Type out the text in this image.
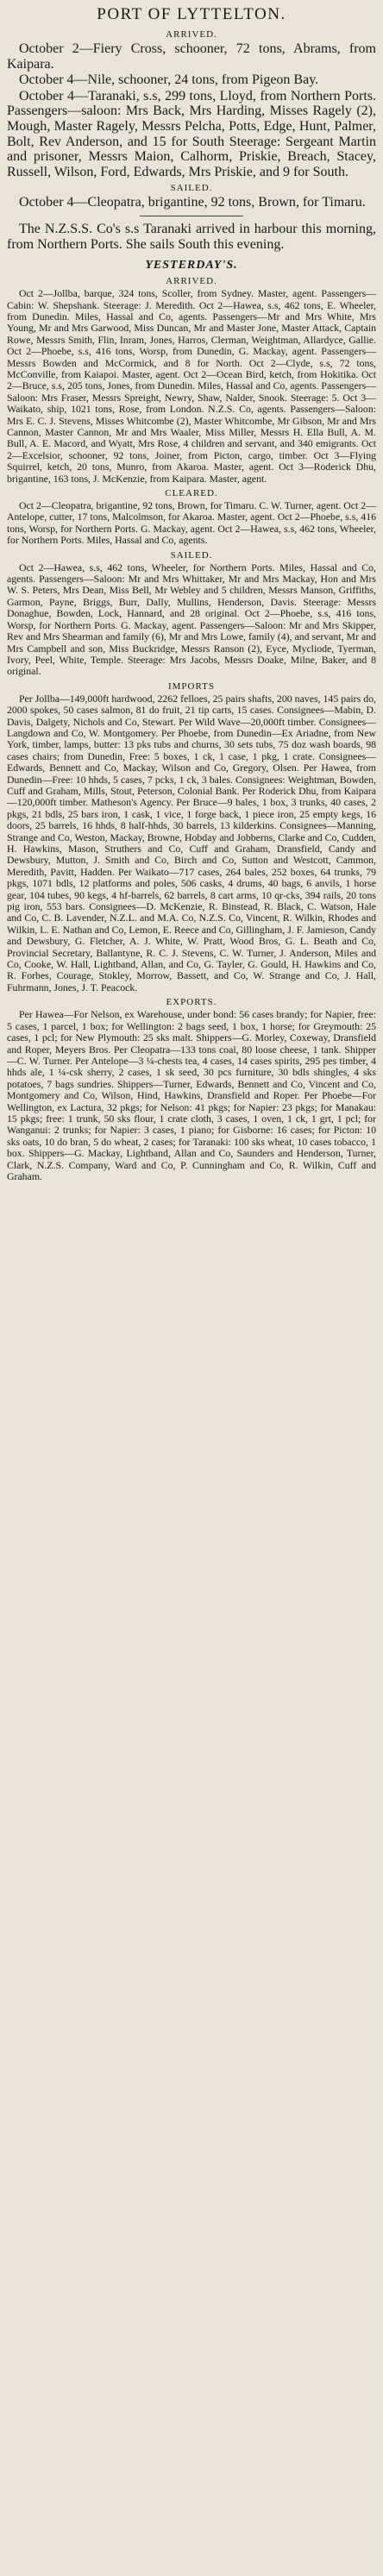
PORT OF LYTTELTON.
ARRIVED.

October 2—Fiery Cross, schooner, 72 tons, Abrams, from Kaipara.

October 4—Nile, schooner, 24 tons, from Pigeon Bay.

October 4—Taranaki, s.s, 299 tons, Lloyd, from Northern Ports. Passengers—saloon: Mrs Back, Mrs Harding, Misses Ragely (2), Mough, Master Ragely, Messrs Pelcha, Potts, Edge, Hunt, Palmer, Bolt, Rev Anderson, and 15 for South Steerage: Sergeant Martin and prisoner, Messrs Maion, Calhorm, Priskie, Breach, Stacey, Russell, Wilson, Ford, Edwards, Mrs Priskie, and 9 for South.

SAILED.

October 4—Cleopatra, brigantine, 92 tons, Brown, for Timaru.

The N.Z.S.S. Co's s.s Taranaki arrived in harbour this morning, from Northern Ports. She sails South this evening.

YESTERDAY'S.
ARRIVED.

Oct 2—Jollba, barque, 324 tons, Scoller, from Sydney. Master, agent. Passengers—Cabin: W. Shepshank. Steerage: J. Meredith. Oct 2—Hawea, s.s, 462 tons, E. Wheeler, from Dunedin. Miles, Hassal and Co, agents. Passengers—Mr and Mrs White, Mrs Young, Mr and Mrs Garwood, Miss Duncan, Mr and Master Jone, Master Attack, Captain Rowe, Messrs Smith, Flin, Inram, Jones, Harros, Clerman, Weightman, Allardyce, Gallie. Oct 2—Phoebe, s.s, 416 tons, Worsp, from Dunedin, G. Mackay, agent. Passengers—Messrs Bowden and McCormick, and 8 for North. Oct 2—Clyde, s.s, 72 tons, McConville, from Kaiapoi. Master, agent. Oct 2—Ocean Bird, ketch, from Hokitika. Oct 2—Bruce, s.s, 205 tons, Jones, from Dunedin. Miles, Hassal and Co, agents. Passengers—Saloon: Mrs Fraser, Messrs Spreight, Newry, Shaw, Nalder, Snook. Steerage: 5. Oct 3—Waikato, ship, 1021 tons, Rose, from London. N.Z.S. Co, agents. Passengers—Saloon: Mrs E. C. J. Stevens, Misses Whitcombe (2), Master Whitcombe, Mr Gibson, Mr and Mrs Cannon, Master Cannon, Mr and Mrs Waaler, Miss Miller, Messrs H. Ella Bull, A. M. Bull, A. E. Macord, and Wyatt, Mrs Rose, 4 children and servant, and 340 emigrants. Oct 2—Excelsior, schooner, 92 tons, Joiner, from Picton, cargo, timber. Oct 3—Flying Squirrel, ketch, 20 tons, Munro, from Akaroa. Master, agent. Oct 3—Roderick Dhu, brigantine, 163 tons, J. McKenzie, from Kaipara. Master, agent.

CLEARED.

Oct 2—Cleopatra, brigantine, 92 tons, Brown, for Timaru. C. W. Turner, agent. Oct 2—Antelope, cutter, 17 tons, Malcolmson, for Akaroa. Master, agent. Oct 2—Phoebe, s.s, 416 tons, Worsp, for Northern Ports. G. Mackay, agent. Oct 2—Hawea, s.s, 462 tons, Wheeler, for Northern Ports. Miles, Hassal and Co, agents.

SAILED.

Oct 2—Hawea, s.s, 462 tons, Wheeler, for Northern Ports. Miles, Hassal and Co, agents. Passengers—Saloon: Mr and Mrs Whittaker, Mr and Mrs Mackay, Hon and Mrs W. S. Peters, Mrs Dean, Miss Bell, Mr Webley and 5 children, Messrs Manson, Griffiths, Garmon, Payne, Briggs, Burr, Dally, Mullins, Henderson, Davis. Steerage: Messrs Donaghue, Bowden, Lock, Hannard, and 28 original. Oct 2—Phoebe, s.s, 416 tons, Worsp, for Northern Ports. G. Mackay, agent. Passengers—Saloon: Mr and Mrs Skipper, Rev and Mrs Shearman and family (6), Mr and Mrs Lowe, family (4), and servant, Mr and Mrs Campbell and son, Miss Buckridge, Messrs Ranson (2), Eyce, Mycliode, Tyerman, Ivory, Peel, White, Temple. Steerage: Mrs Jacobs, Messrs Doake, Milne, Baker, and 8 original.

IMPORTS

Per Jollba—149,000ft hardwood, 2262 felloes, 25 pairs shafts, 200 naves, 145 pairs do, 2000 spokes, 50 cases salmon, 81 do fruit, 21 tip carts, 15 cases. Consignees—Mabin, D. Davis, Dalgety, Nichols and Co, Stewart. Per Wild Wave—20,000ft timber. Consignees—Langdown and Co, W. Montgomery. Per Phoebe, from Dunedin—Ex Ariadne, from New York, timber, lamps, butter: 13 pks tubs and churns, 30 sets tubs, 75 doz wash boards, 98 cases chairs; from Dunedin, Free: 5 boxes, 1 ck, 1 case, 1 pkg, 1 crate. Consignees—Edwards, Bennett and Co, Mackay, Wilson and Co, Gregory, Olsen. Per Hawea, from Dunedin—Free: 10 hhds, 5 cases, 7 pcks, 1 ck, 3 bales. Consignees: Weightman, Bowden, Cuff and Graham, Mills, Stout, Peterson, Colonial Bank. Per Roderick Dhu, from Kaipara—120,000ft timber. Matheson's Agency. Per Bruce—9 bales, 1 box, 3 trunks, 40 cases, 2 pkgs, 21 bdls, 25 bars iron, 1 cask, 1 vice, 1 forge back, 1 piece iron, 25 empty kegs, 16 doors, 25 barrels, 16 hhds, 8 half-hhds, 30 barrels, 13 kilderkins. Consignees—Manning, Strange and Co, Weston, Mackay, Browne, Hobday and Jobberns, Clarke and Co, Cudden, H. Hawkins, Mason, Struthers and Co, Cuff and Graham, Dransfield, Candy and Dewsbury, Mutton, J. Smith and Co, Birch and Co, Sutton and Westcott, Cammon, Meredith, Pavitt, Hadden. Per Waikato—717 cases, 264 bales, 252 boxes, 64 trunks, 79 pkgs, 1071 bdls, 12 platforms and poles, 506 casks, 4 drums, 40 bags, 6 anvils, 1 horse gear, 104 tubes, 90 kegs, 4 hf-barrels, 62 barrels, 8 cart arms, 10 qr-cks, 394 rails, 20 tons pig iron, 553 bars. Consignees—D. McKenzie, R. Binstead, R. Black, C. Watson, Hale and Co, C. B. Lavender, N.Z.L. and M.A. Co, N.Z.S. Co, Vincent, R. Wilkin, Rhodes and Wilkin, L. E. Nathan and Co, Lemon, E. Reece and Co, Gillingham, J. F. Jamieson, Candy and Dewsbury, G. Fletcher, A. J. White, W. Pratt, Wood Bros, G. L. Beath and Co, Provincial Secretary, Ballantyne, R. C. J. Stevens, C. W. Turner, J. Anderson, Miles and Co, Cooke, W. Hall, Lightband, Allan, and Co, G. Tayler, G. Gould, H. Hawkins and Co, R. Forbes, Courage, Stokley, Morrow, Bassett, and Co, W. Strange and Co, J. Hall, Fuhrmann, Jones, J. T. Peacock.

EXPORTS.

Per Hawea—For Nelson, ex Warehouse, under bond: 56 cases brandy; for Napier, free: 5 cases, 1 parcel, 1 box; for Wellington: 2 bags seed, 1 box, 1 horse; for Greymouth: 25 cases, 1 pcl; for New Plymouth: 25 sks malt. Shippers—G. Morley, Coxeway, Dransfield and Roper, Meyers Bros. Per Cleopatra—133 tons coal, 80 loose cheese, 1 tank. Shipper—C. W. Turner. Per Antelope—3 ¼-chests tea, 4 cases, 14 cases spirits, 295 pes timber, 4 hhds ale, 1 ¼-csk sherry, 2 cases, 1 sk seed, 30 pcs furniture, 30 bdls shingles, 4 sks potatoes, 7 bags sundries. Shippers—Turner, Edwards, Bennett and Co, Vincent and Co, Montgomery and Co, Wilson, Hind, Hawkins, Dransfield and Roper. Per Phoebe—For Wellington, ex Lactura, 32 pkgs; for Nelson: 41 pkgs; for Napier: 23 pkgs; for Manakau: 15 pkgs; free: 1 trunk, 50 sks flour, 1 crate cloth, 3 cases, 1 oven, 1 ck, 1 grt, 1 pcl; for Wanganui: 2 trunks; for Napier: 3 cases, 1 piano; for Gisborne: 16 cases; for Picton: 10 sks oats, 10 do bran, 5 do wheat, 2 cases; for Taranaki: 100 sks wheat, 10 cases tobacco, 1 box. Shippers—G. Mackay, Lightband, Allan and Co, Saunders and Henderson, Turner, Clark, N.Z.S. Company, Ward and Co, P. Cunningham and Co, R. Wilkin, Cuff and Graham.
